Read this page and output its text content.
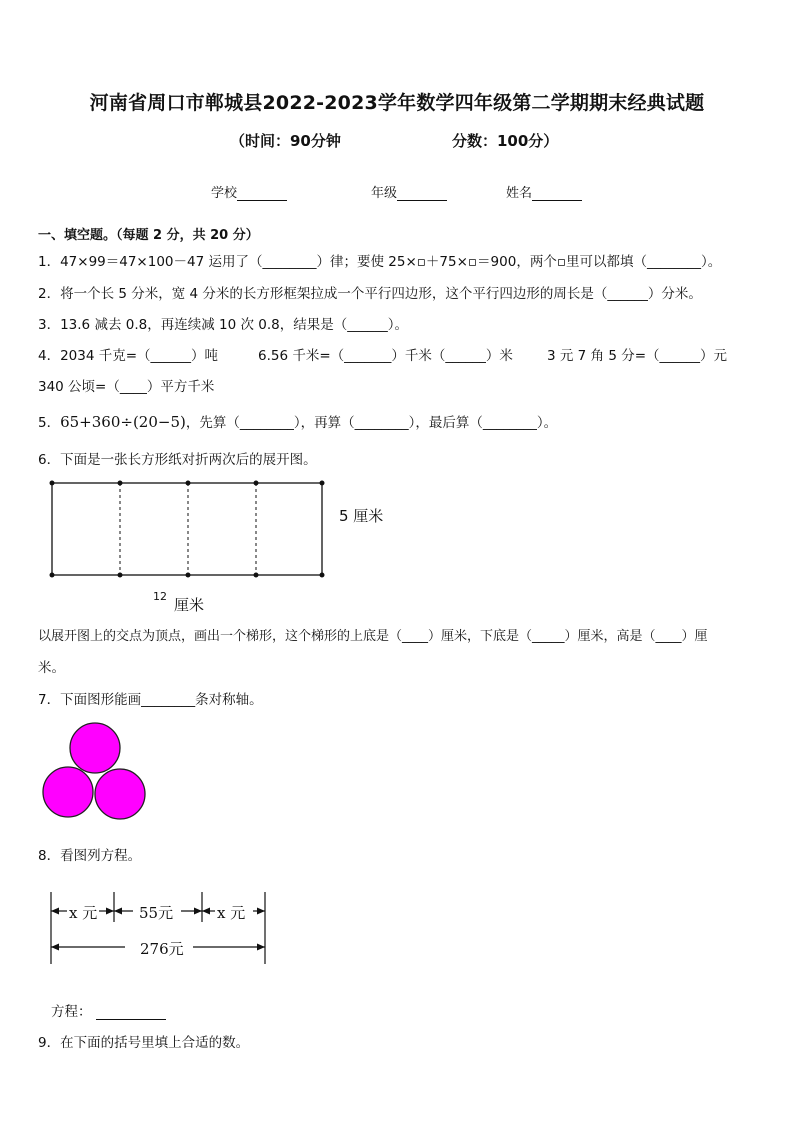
河南省周口市郸城县2022-2023学年数学四年级第二学期期末经典试题
（时间：90分钟	分数：100分）
学校	年级	姓名
一、填空题。（每题 2 分，共 20 分）
1．47×99＝47×100－47 运用了（________）律；要使 25×▫＋75×▫＝900，两个▫里可以都填（________）。
2．将一个长 5 分米，宽 4 分米的长方形框架拉成一个平行四边形，这个平行四边形的周长是（______）分米。
3．13.6 减去 0.8，再连续减 10 次 0.8，结果是（______）。
4．2034 千克=（______）吨	6.56 千米=（_______）千米（______）米	3 元 7 角 5 分=（______）元
340 公顷=（____）平方千米
5．65+360÷(20−5)，先算（________），再算（________），最后算（________）。
6．下面是一张长方形纸对折两次后的展开图。
5 厘米
12 厘米
以展开图上的交点为顶点，画出一个梯形，这个梯形的上底是（____）厘米，下底是（_____）厘米，高是（____）厘
米。
7．下面图形能画________条对称轴。
8．看图列方程。
x 元	55元	x 元
276元
方程：
9．在下面的括号里填上合适的数。
